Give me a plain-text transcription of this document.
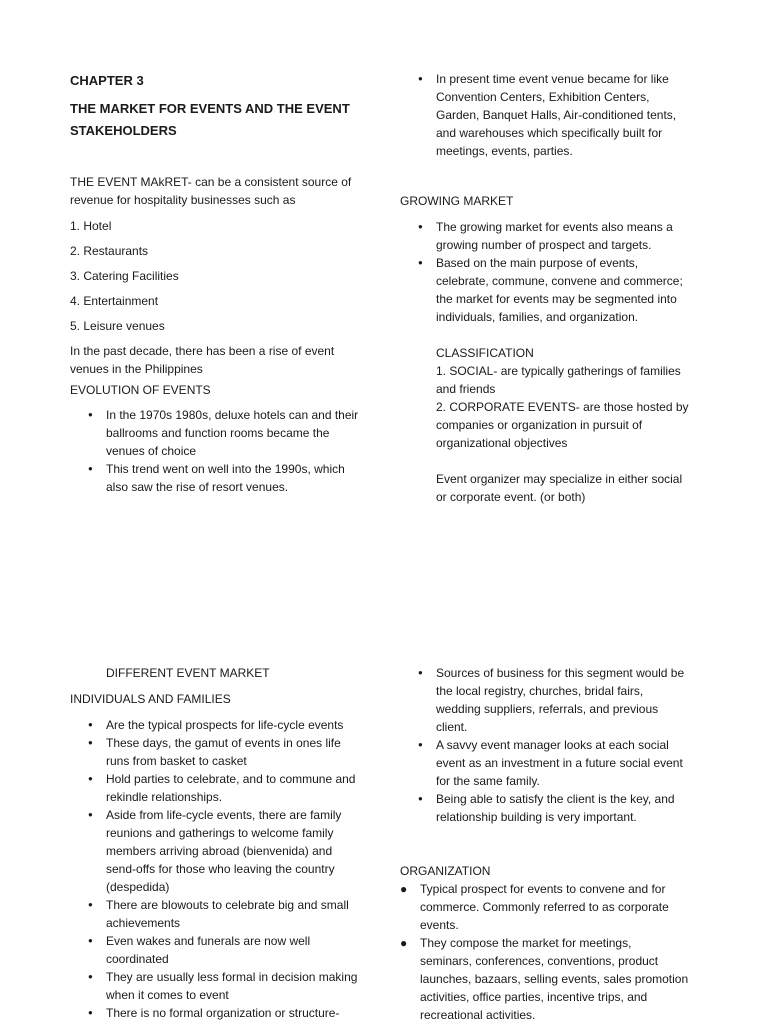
CHAPTER 3
THE MARKET FOR EVENTS AND THE EVENT
STAKEHOLDERS

THE EVENT MAkRET- can be a consistent source of

revenue for hospitality businesses such as

1. Hotel

2. Restaurants

3. Catering Facilities

4. Entertainment

5. Leisure venues

In the past decade, there has been a rise of event

venues in the Philippines

EVOLUTION OF EVENTS

● In the 1970s 1980s, deluxe hotels can and their

ballrooms and function rooms became the

venues of choice

● This trend went on well into the 1990s, which

also saw the rise of resort venues.

● In present time event venue became for like

Convention Centers, Exhibition Centers,

Garden, Banquet Halls, Air-conditioned tents,

and warehouses which specifically built for

meetings, events, parties.

GROWING MARKET

● The growing market for events also means a

growing number of prospect and targets.

● Based on the main purpose of events,

celebrate, commune, convene and commerce;

the market for events may be segmented into

individuals, families, and organization.

CLASSIFICATION

1. SOCIAL- are typically gatherings of families

and friends

2. CORPORATE EVENTS- are those hosted by

companies or organization in pursuit of

organizational objectives

Event organizer may specialize in either social

or corporate event. (or both)

DIFFERENT EVENT MARKET

INDIVIDUALS AND FAMILIES

● Are the typical prospects for life-cycle events

● These days, the gamut of events in ones life

runs from basket to casket

● Hold parties to celebrate, and to commune and

rekindle relationships.

● Aside from life-cycle events, there are family

reunions and gatherings to welcome family

members arriving abroad (bienvenida) and

send-offs for those who leaving the country

(despedida)

● There are blowouts to celebrate big and small

achievements

● Even wakes and funerals are now well

coordinated

● They are usually less formal in decision making

when it comes to event

● There is no formal organization or structure-

● Sources of business for this segment would be

the local registry, churches, bridal fairs,

wedding suppliers, referrals, and previous

client.

● A savvy event manager looks at each social

event as an investment in a future social event

for the same family.

● Being able to satisfy the client is the key, and

relationship building is very important.

ORGANIZATION

● Typical prospect for events to convene and for

commerce. Commonly referred to as corporate

events.

● They compose the market for meetings,

seminars, conferences, conventions, product

launches, bazaars, selling events, sales promotion

activities, office parties, incentive trips, and

recreational activities.
